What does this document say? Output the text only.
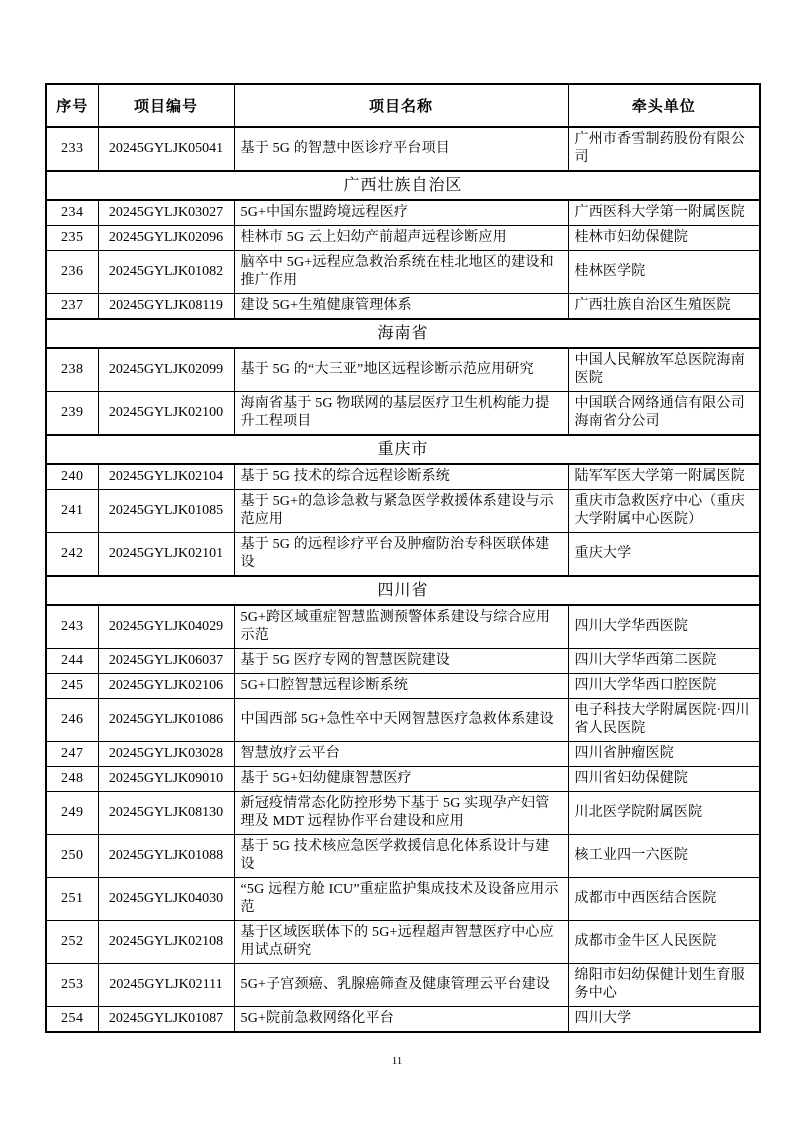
序号	项目编号	项目名称	牵头单位
233	20245GYLJK05041	基于 5G 的智慧中医诊疗平台项目	广州市香雪制药股份有限公司
广西壮族自治区			
234	20245GYLJK03027	5G+中国东盟跨境远程医疗	广西医科大学第一附属医院
235	20245GYLJK02096	桂林市 5G 云上妇幼产前超声远程诊断应用	桂林市妇幼保健院
236	20245GYLJK01082	脑卒中 5G+远程应急救治系统在桂北地区的建设和推广作用	桂林医学院
237	20245GYLJK08119	建设 5G+生殖健康管理体系	广西壮族自治区生殖医院
海南省			
238	20245GYLJK02099	基于 5G 的“大三亚”地区远程诊断示范应用研究	中国人民解放军总医院海南医院
239	20245GYLJK02100	海南省基于 5G 物联网的基层医疗卫生机构能力提升工程项目	中国联合网络通信有限公司海南省分公司
重庆市			
240	20245GYLJK02104	基于 5G 技术的综合远程诊断系统	陆军军医大学第一附属医院
241	20245GYLJK01085	基于 5G+的急诊急救与紧急医学救援体系建设与示范应用	重庆市急救医疗中心（重庆大学附属中心医院）
242	20245GYLJK02101	基于 5G 的远程诊疗平台及肿瘤防治专科医联体建设	重庆大学
四川省			
243	20245GYLJK04029	5G+跨区域重症智慧监测预警体系建设与综合应用示范	四川大学华西医院
244	20245GYLJK06037	基于 5G 医疗专网的智慧医院建设	四川大学华西第二医院
245	20245GYLJK02106	5G+口腔智慧远程诊断系统	四川大学华西口腔医院
246	20245GYLJK01086	中国西部 5G+急性卒中天网智慧医疗急救体系建设	电子科技大学附属医院·四川省人民医院
247	20245GYLJK03028	智慧放疗云平台	四川省肿瘤医院
248	20245GYLJK09010	基于 5G+妇幼健康智慧医疗	四川省妇幼保健院
249	20245GYLJK08130	新冠疫情常态化防控形势下基于 5G 实现孕产妇管理及 MDT 远程协作平台建设和应用	川北医学院附属医院
250	20245GYLJK01088	基于 5G 技术核应急医学救援信息化体系设计与建设	核工业四一六医院
251	20245GYLJK04030	“5G 远程方舱 ICU”重症监护集成技术及设备应用示范	成都市中西医结合医院
252	20245GYLJK02108	基于区域医联体下的 5G+远程超声智慧医疗中心应用试点研究	成都市金牛区人民医院
253	20245GYLJK02111	5G+子宫颈癌、乳腺癌筛查及健康管理云平台建设	绵阳市妇幼保健计划生育服务中心
254	20245GYLJK01087	5G+院前急救网络化平台	四川大学
11
